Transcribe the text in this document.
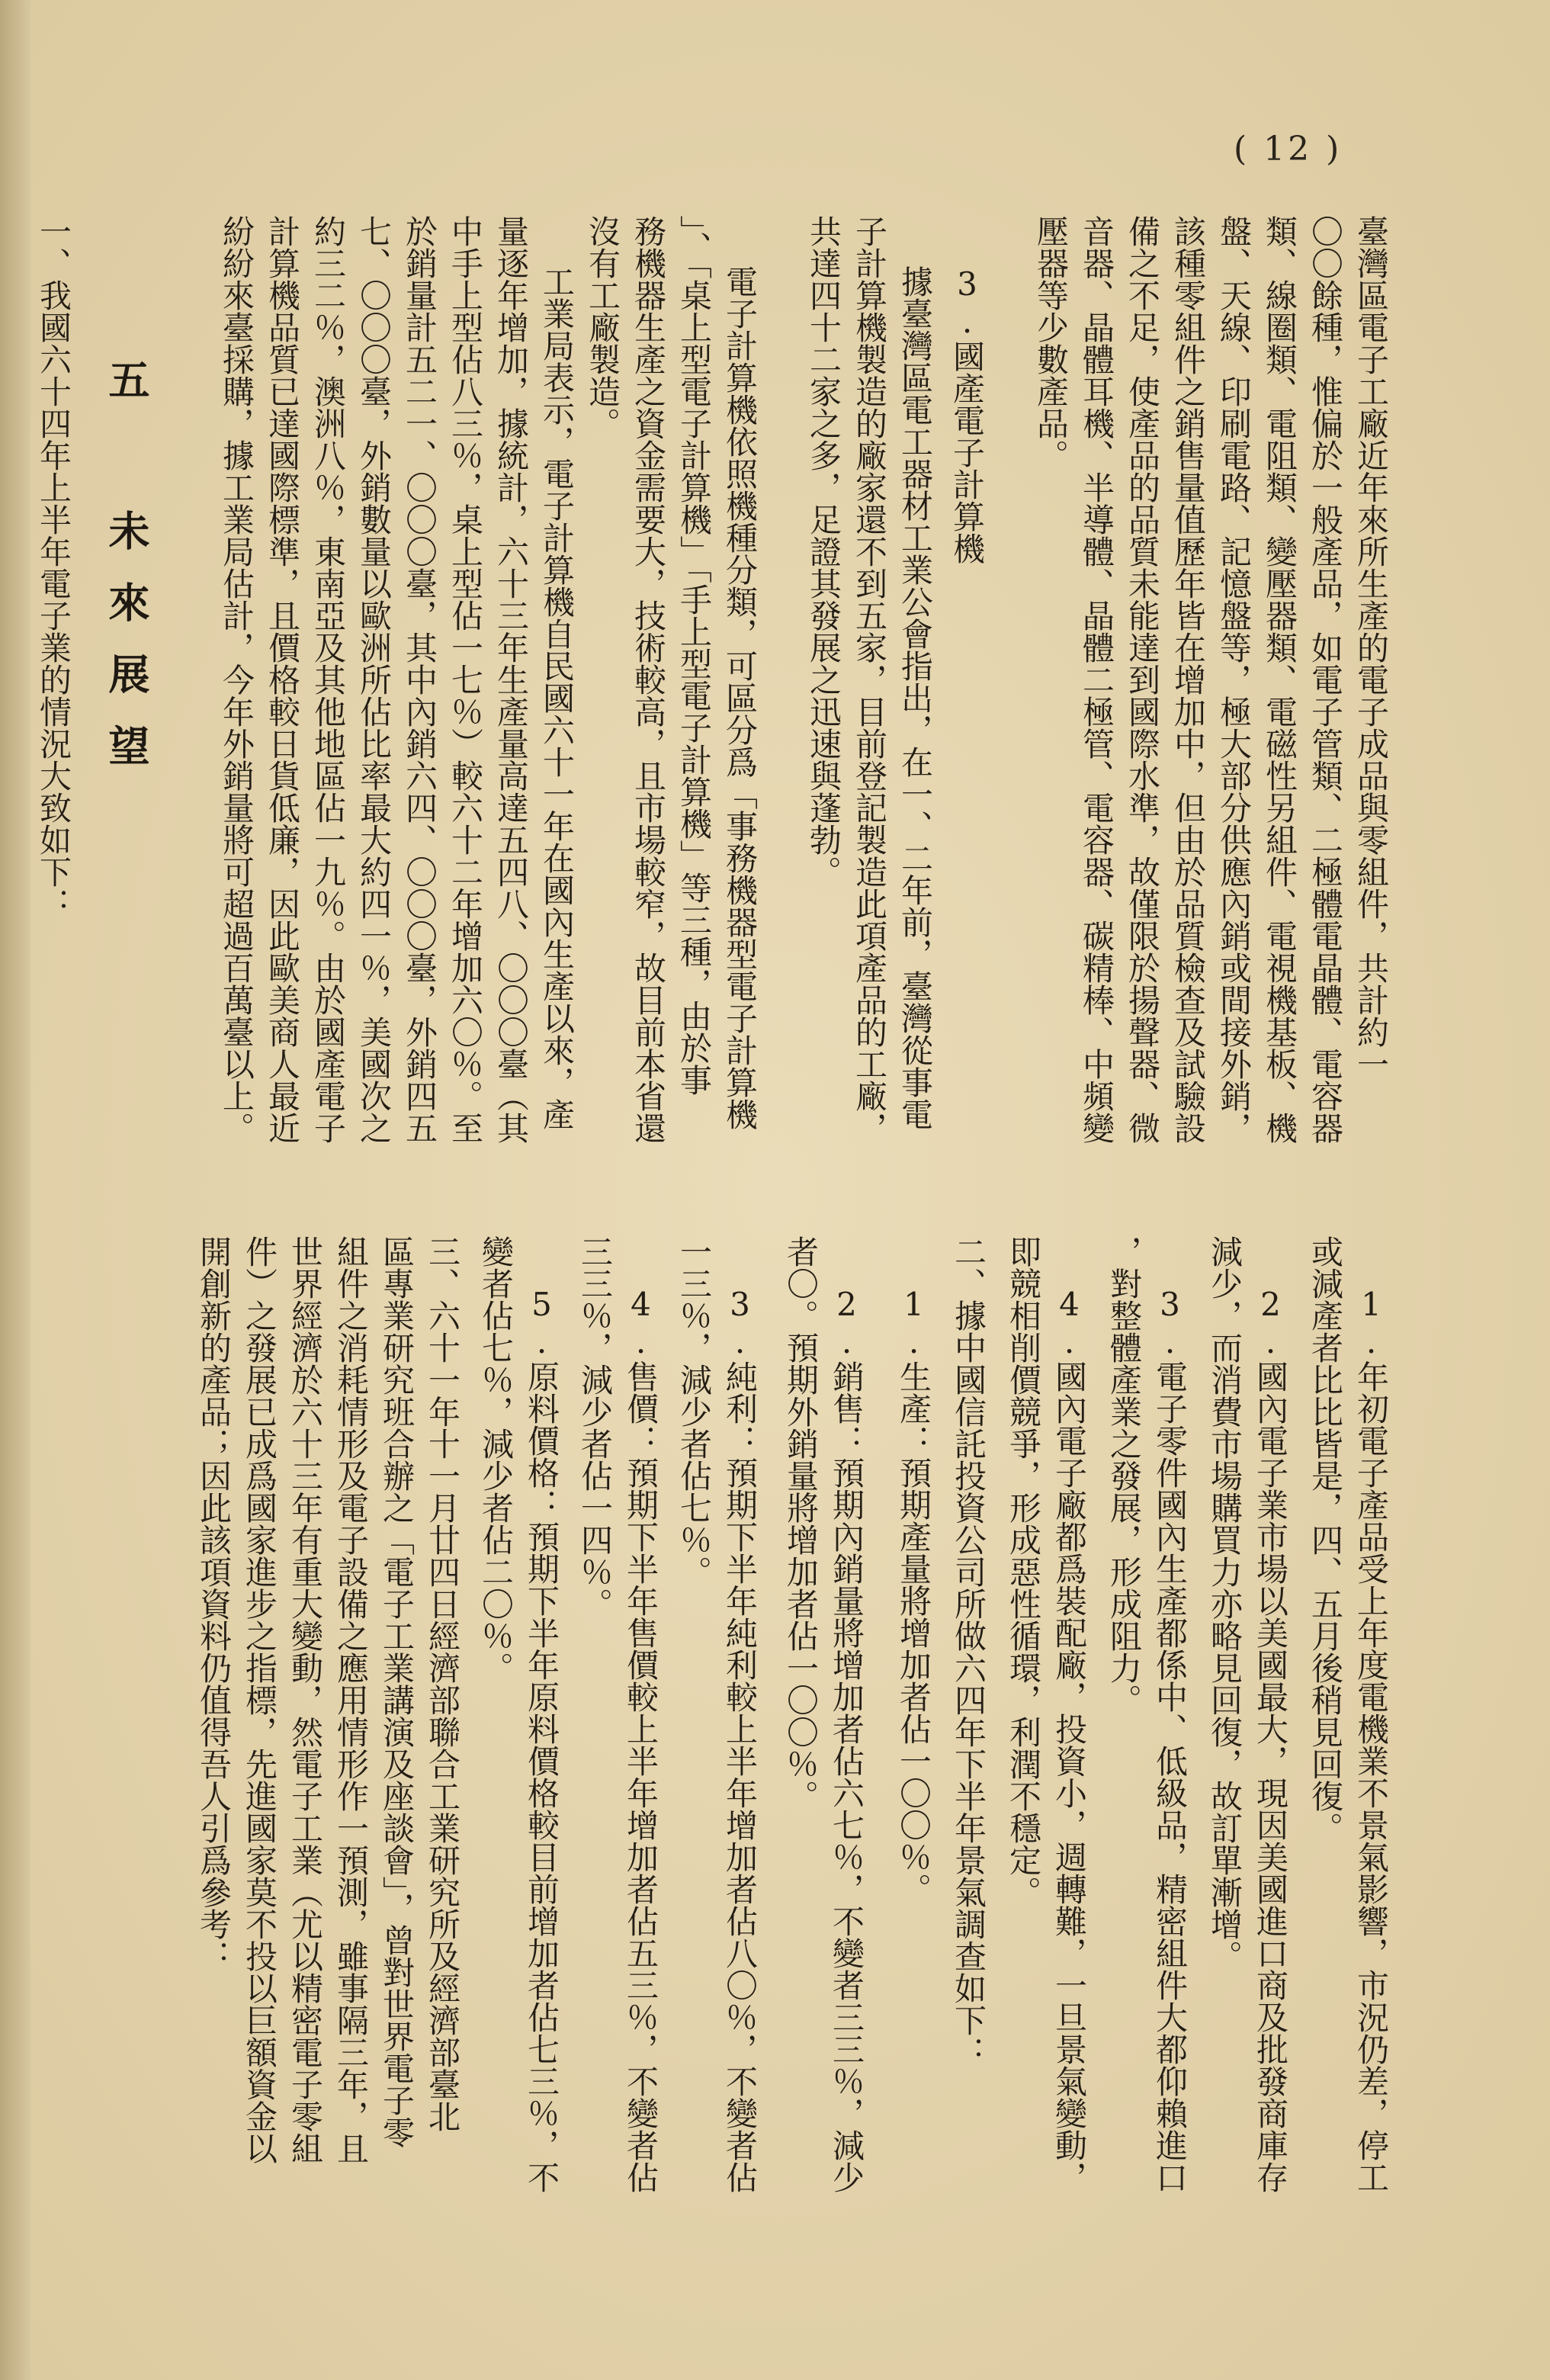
( 12 )
五 未來展望	臺灣區電子工廠近年來所生產的電子成品與零組件，共計約一
〇〇餘種，惟偏於一般產品，如電子管類、二極體電晶體、電容器
類、線圈類、電阻類、變壓器類、電磁性另組件、電視機基板、機
盤、天線、印刷電路、記憶盤等，極大部分供應內銷或間接外銷，
該種零組件之銷售量值歷年皆在增加中，但由於品質檢查及試驗設
備之不足，使產品的品質未能達到國際水準，故僅限於揚聲器、微
音器、晶體耳機、半導體、晶體二極管、電容器、碳精棒、中頻變
壓器等少數產品。
3.國產電子計算機
據臺灣區電工器材工業公會指出，在一、二年前，臺灣從事電
子計算機製造的廠家還不到五家，目前登記製造此項產品的工廠，
共達四十二家之多，足證其發展之迅速與蓬勃。
電子計算機依照機種分類，可區分爲「事務機器型電子計算機
」、「桌上型電子計算機」「手上型電子計算機」等三種，由於事
務機器生產之資金需要大，技術較高，且市場較窄，故目前本省還
沒有工廠製造。
工業局表示，電子計算機自民國六十一年在國內生產以來，產
量逐年增加，據統計，六十三年生產量高達五四八、〇〇〇臺（其
中手上型佔八三％，桌上型佔一七％）較六十二年增加六〇％。至
於銷量計五二一、〇〇〇臺，其中內銷六四、〇〇〇臺，外銷四五
七、〇〇〇臺，外銷數量以歐洲所佔比率最大約四一％，美國次之
約三二％，澳洲八％，東南亞及其他地區佔一九％。由於國產電子
計算機品質已達國際標準，且價格較日貨低廉，因此歐美商人最近
紛紛來臺採購，據工業局估計，今年外銷量將可超過百萬臺以上。
一、我國六十四年上半年電子業的情況大致如下：
1.年初電子產品受上年度電機業不景氣影響，市況仍差，停工
或減產者比比皆是，四、五月後稍見回復。
2.國內電子業市場以美國最大，現因美國進口商及批發商庫存
減少，而消費市場購買力亦略見回復，故訂單漸增。
3.電子零件國內生產都係中、低級品，精密組件大都仰賴進口
，對整體產業之發展，形成阻力。
4.國內電子廠都爲裝配廠，投資小，週轉難，一旦景氣變動，
即競相削價競爭，形成惡性循環，利潤不穩定。
二、據中國信託投資公司所做六四年下半年景氣調查如下：
1.生產：預期產量將增加者佔一〇〇％。
2.銷售：預期內銷量將增加者佔六七％，不變者三三％，減少
者〇。預期外銷量將增加者佔一〇〇％。
3.純利：預期下半年純利較上半年增加者佔八〇％，不變者佔
一三％，減少者佔七％。
4.售價：預期下半年售價較上半年增加者佔五三％，不變者佔
三三％，減少者佔一四％。
5.原料價格：預期下半年原料價格較目前增加者佔七三％，不
變者佔七％，減少者佔二〇％。
三、六十一年十一月廿四日經濟部聯合工業研究所及經濟部臺北
區專業研究班合辦之「電子工業講演及座談會」，曾對世界電子零
組件之消耗情形及電子設備之應用情形作一預測，雖事隔三年，且
世界經濟於六十三年有重大變動，然電子工業（尤以精密電子零組
件）之發展已成爲國家進步之指標，先進國家莫不投以巨額資金以
開創新的產品；因此該項資料仍值得吾人引爲參考：
